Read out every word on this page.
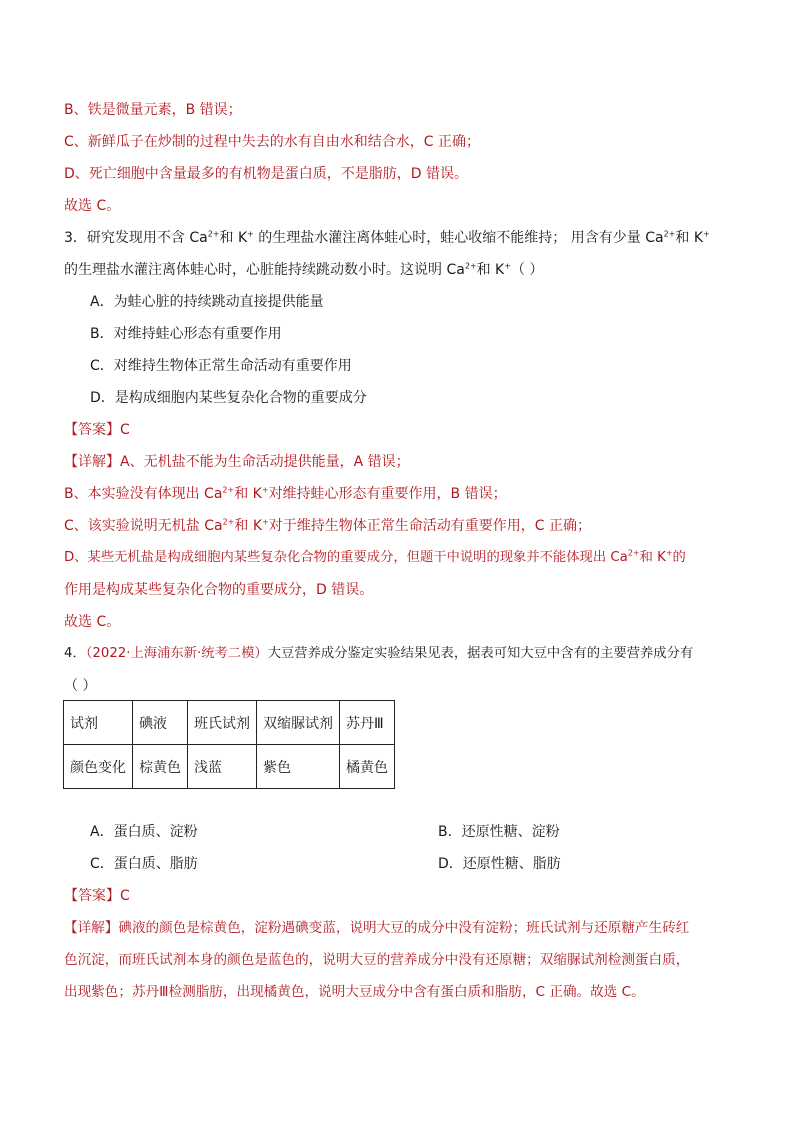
B、铁是微量元素，B 错误；
C、新鲜瓜子在炒制的过程中失去的水有自由水和结合水，C 正确；
D、死亡细胞中含量最多的有机物是蛋白质，不是脂肪，D 错误。
故选 C。
3．研究发现用不含 $Ca^{2+}$和 K+ 的生理盐水灌注离体蛙心时，蛙心收缩不能维持； 用含有少量 $Ca^{2+}$和 K+
的生理盐水灌注离体蛙心时，心脏能持续跳动数小时。这说明 $Ca^{2+}$和 K+（ ）
A．为蛙心脏的持续跳动直接提供能量
B．对维持蛙心形态有重要作用
C．对维持生物体正常生命活动有重要作用
D．是构成细胞内某些复杂化合物的重要成分
【答案】C
【详解】A、无机盐不能为生命活动提供能量，A 错误；
B、本实验没有体现出 $Ca^{2+}$和 K+对维持蛙心形态有重要作用，B 错误；
C、该实验说明无机盐 $Ca^{2+}$和 K+对于维持生物体正常生命活动有重要作用，C 正确；
D、某些无机盐是构成细胞内某些复杂化合物的重要成分，但题干中说明的现象并不能体现出 $Ca^{2+}$和 K+的
作用是构成某些复杂化合物的重要成分，D 错误。
故选 C。
4．（2022·上海浦东新·统考二模）大豆营养成分鉴定实验结果见表，据表可知大豆中含有的主要营养成分有
（ ）
试剂	碘液	班氏试剂	双缩脲试剂	苏丹Ⅲ
颜色变化	棕黄色	浅蓝	紫色	橘黄色
A．蛋白质、淀粉	B．还原性糖、淀粉
C．蛋白质、脂肪	D．还原性糖、脂肪
【答案】C
【详解】碘液的颜色是棕黄色，淀粉遇碘变蓝，说明大豆的成分中没有淀粉；班氏试剂与还原糖产生砖红
色沉淀，而班氏试剂本身的颜色是蓝色的，说明大豆的营养成分中没有还原糖；双缩脲试剂检测蛋白质，
出现紫色；苏丹Ⅲ检测脂肪，出现橘黄色，说明大豆成分中含有蛋白质和脂肪，C 正确。故选 C。
